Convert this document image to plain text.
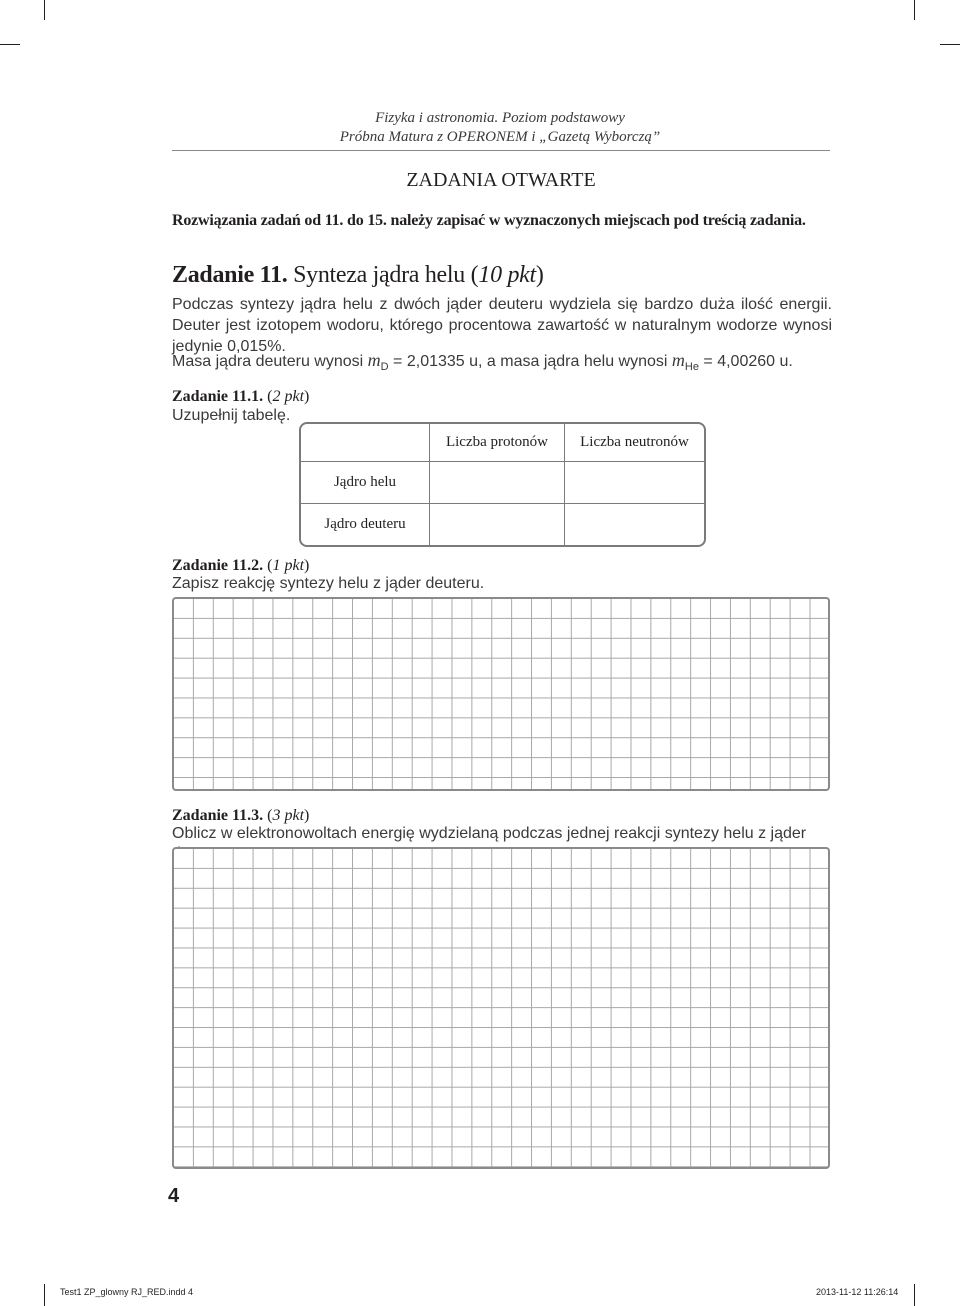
Fizyka i astronomia. Poziom podstawowy
Próbna Matura z OPERONEM i „Gazetą Wyborczą”
ZADANIA OTWARTE
Rozwiązania zadań od 11. do 15. należy zapisać w wyznaczonych miejscach pod treścią zadania.
Zadanie 11. Synteza jądra helu (10 pkt)
Podczas syntezy jądra helu z dwóch jąder deuteru wydziela się bardzo duża ilość energii. Deuter jest izotopem wodoru, którego procentowa zawartość w naturalnym wodorze wynosi jedynie 0,015%.
Masa jądra deuteru wynosi $m_D = 2,01335$ u, a masa jądra helu wynosi $m_{He} = 4,00260$ u.
Zadanie 11.1. (2 pkt)
Uzupełnij tabelę.
	Liczba protonów	Liczba neutronów
Jądro helu		
Jądro deuteru		
Zadanie 11.2. (1 pkt)
Zapisz reakcję syntezy helu z jąder deuteru.
Zadanie 11.3. (3 pkt)
Oblicz w elektronowoltach energię wydzielaną podczas jednej reakcji syntezy helu z jąder
4
Test1 ZP_glowny RJ_RED.indd 4	2013-11-12 11:26:14
